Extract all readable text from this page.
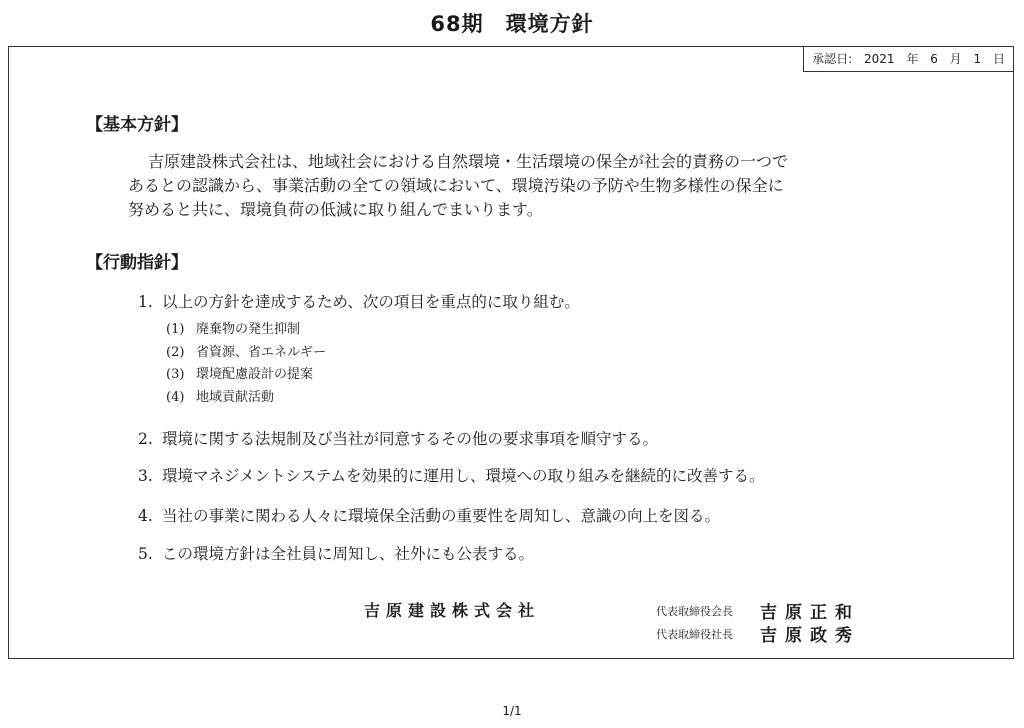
68期　環境方針
承認日: 2021 年 6 月 1 日
【基本方針】

吉原建設株式会社は、地域社会における自然環境・生活環境の保全が社会的責務の一つで

あるとの認識から、事業活動の全ての領域において、環境汚染の予防や生物多様性の保全に

努めると共に、環境負荷の低減に取り組んでまいります。

【行動指針】
1. 以上の方針を達成するため、次の項目を重点的に取り組む。
(1) 廃棄物の発生抑制
(2) 省資源、省エネルギー
(3) 環境配慮設計の提案
(4) 地域貢献活動
2. 環境に関する法規制及び当社が同意するその他の要求事項を順守する。
3. 環境マネジメントシステムを効果的に運用し、環境への取り組みを継続的に改善する。
4. 当社の事業に関わる人々に環境保全活動の重要性を周知し、意識の向上を図る。
5. この環境方針は全社員に周知し、社外にも公表する。
吉原建設株式会社	代表取締役会長 吉原正和
代表取締役社長 吉原政秀
1/1
